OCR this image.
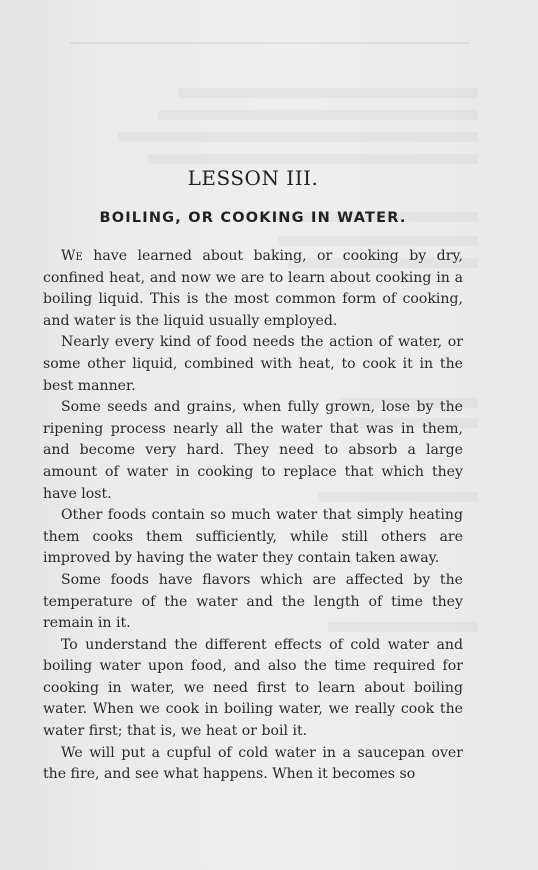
LESSON III.
BOILING, OR COOKING IN WATER.

We have learned about baking, or cooking by dry, confined heat, and now we are to learn about cooking in a boiling liquid. This is the most common form of cooking, and water is the liquid usually employed.

Nearly every kind of food needs the action of water, or some other liquid, combined with heat, to cook it in the best manner.

Some seeds and grains, when fully grown, lose by the ripening process nearly all the water that was in them, and become very hard. They need to absorb a large amount of water in cooking to replace that which they have lost.

Other foods contain so much water that simply heating them cooks them sufficiently, while still others are improved by having the water they contain taken away.

Some foods have flavors which are affected by the temperature of the water and the length of time they remain in it.

To understand the different effects of cold water and boiling water upon food, and also the time required for cooking in water, we need first to learn about boiling water. When we cook in boiling water, we really cook the water first; that is, we heat or boil it.

We will put a cupful of cold water in a saucepan over the fire, and see what happens. When it becomes so
